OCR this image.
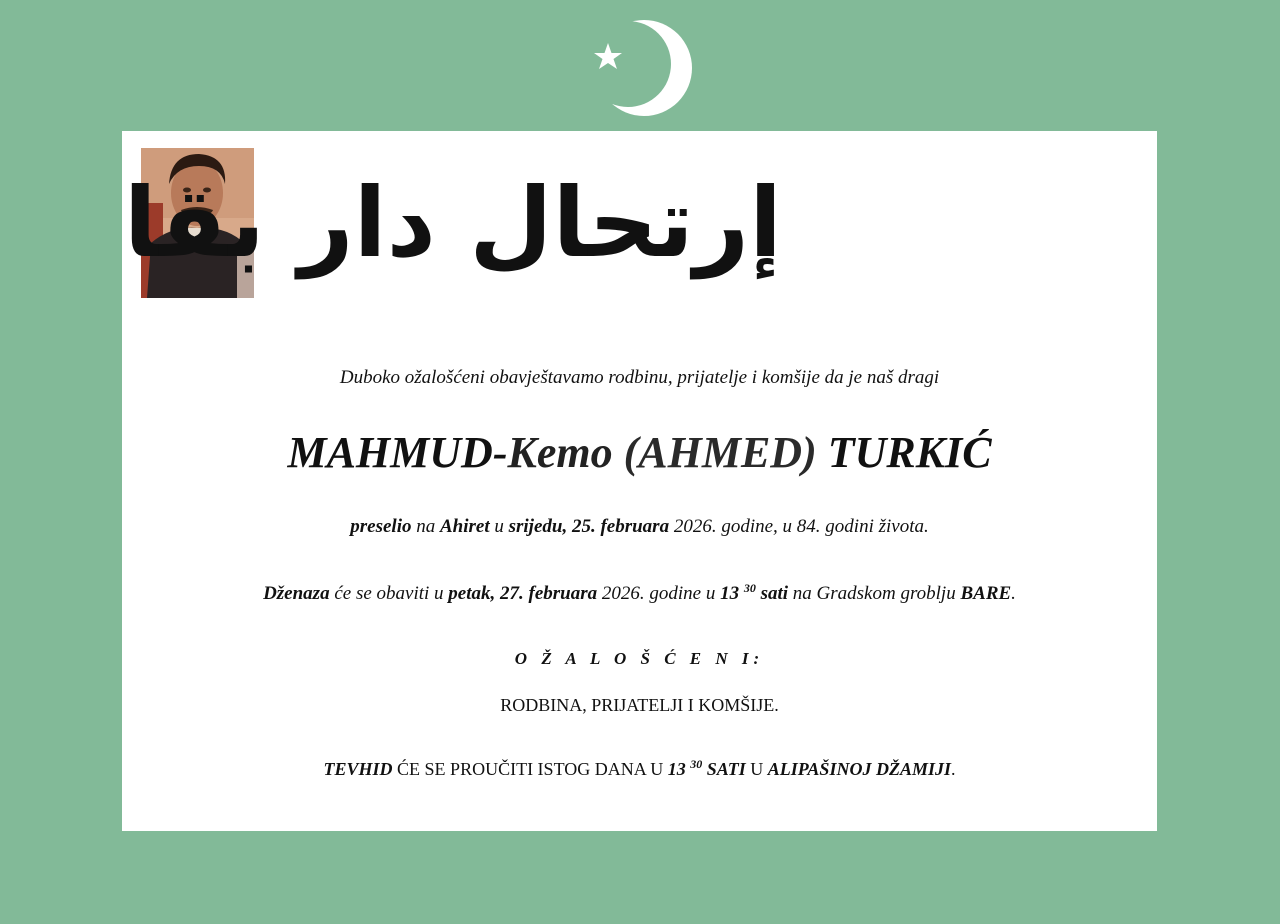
إرتحال دار بقا
Duboko ožalošćeni obavještavamo rodbinu, prijatelje i komšije da je naš dragi
MAHMUD-Kemo (AHMED) TURKIĆ
preselio na Ahiret u srijedu, 25. februara 2026. godine, u 84. godini života.
Dženaza će se obaviti u petak, 27. februara 2026. godine u 13 $^{30}$ sati na Gradskom groblju BARE.
O Ž A L O Š Ć E N I:
RODBINA, PRIJATELJI I KOMŠIJE.
TEVHID ĆE SE PROUČITI ISTOG DANA U 13 $^{30}$ SATI U ALIPAŠINOJ DŽAMIJI.
